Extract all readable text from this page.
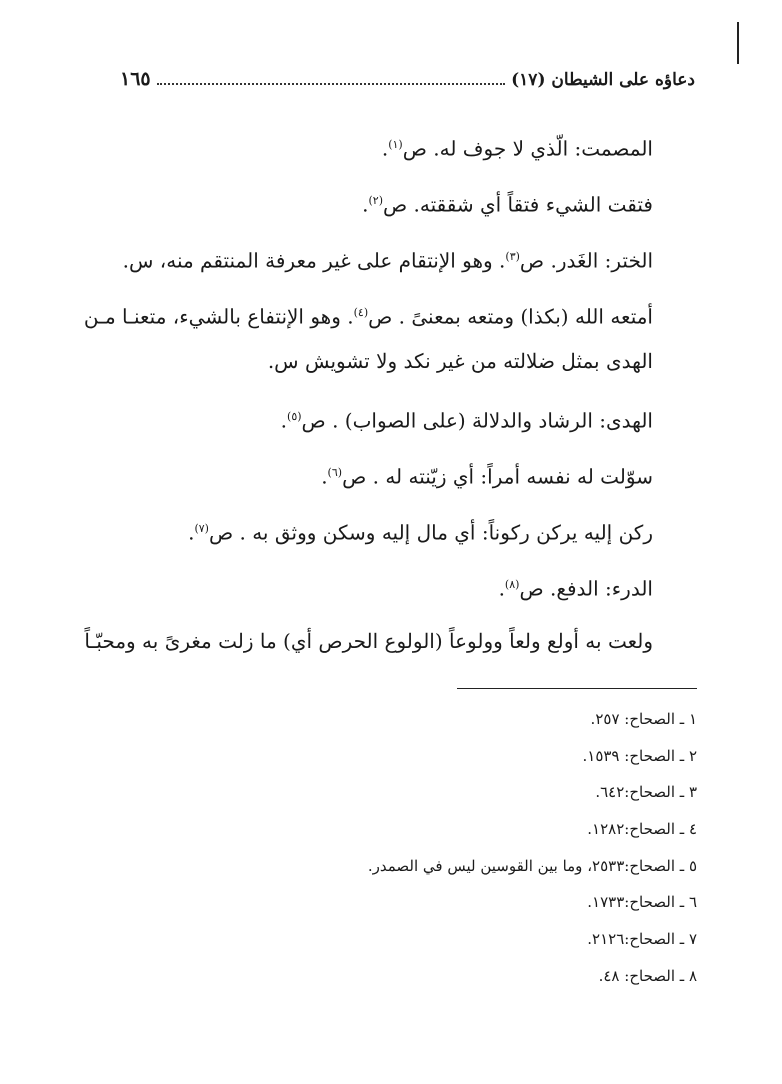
دعاؤه على الشيطان (١٧)
١٦٥
المصمت: الّذي لا جوف له. ص$^{(١)}$.
فتقت الشيء فتقاً أي شققته. ص$^{(٢)}$.
الختر: الغَدر. ص$^{(٣)}$. وهو الإنتقام على غير معرفة المنتقم منه، س.
أمتعه الله (بكذا) ومتعه بمعنىً . ص$^{(٤)}$. وهو الإنتفاع بالشيء، متعنـا مـن
الهدى بمثل ضلالته من غير نكد ولا تشويش س.
الهدى: الرشاد والدلالة (على الصواب) . ص$^{(٥)}$.
سوّلت له نفسه أمراً: أي زيّنته له . ص$^{(٦)}$.
ركن إليه يركن ركوناً: أي مال إليه وسكن ووثق به . ص$^{(٧)}$.
الدرء: الدفع. ص$^{(٨)}$.
ولعت به أولع ولعاً وولوعاً (الولوع الحرص أي) ما زلت مغرىً به ومحبّـاً
١ ـ الصحاح: ٢٥٧.
٢ ـ الصحاح: ١٥٣٩.
٣ ـ الصحاح:٦٤٢.
٤ ـ الصحاح:١٢٨٢.
٥ ـ الصحاح:٢٥٣٣، وما بين القوسين ليس في الصمدر.
٦ ـ الصحاح:١٧٣٣.
٧ ـ الصحاح:٢١٢٦.
٨ ـ الصحاح: ٤٨.
